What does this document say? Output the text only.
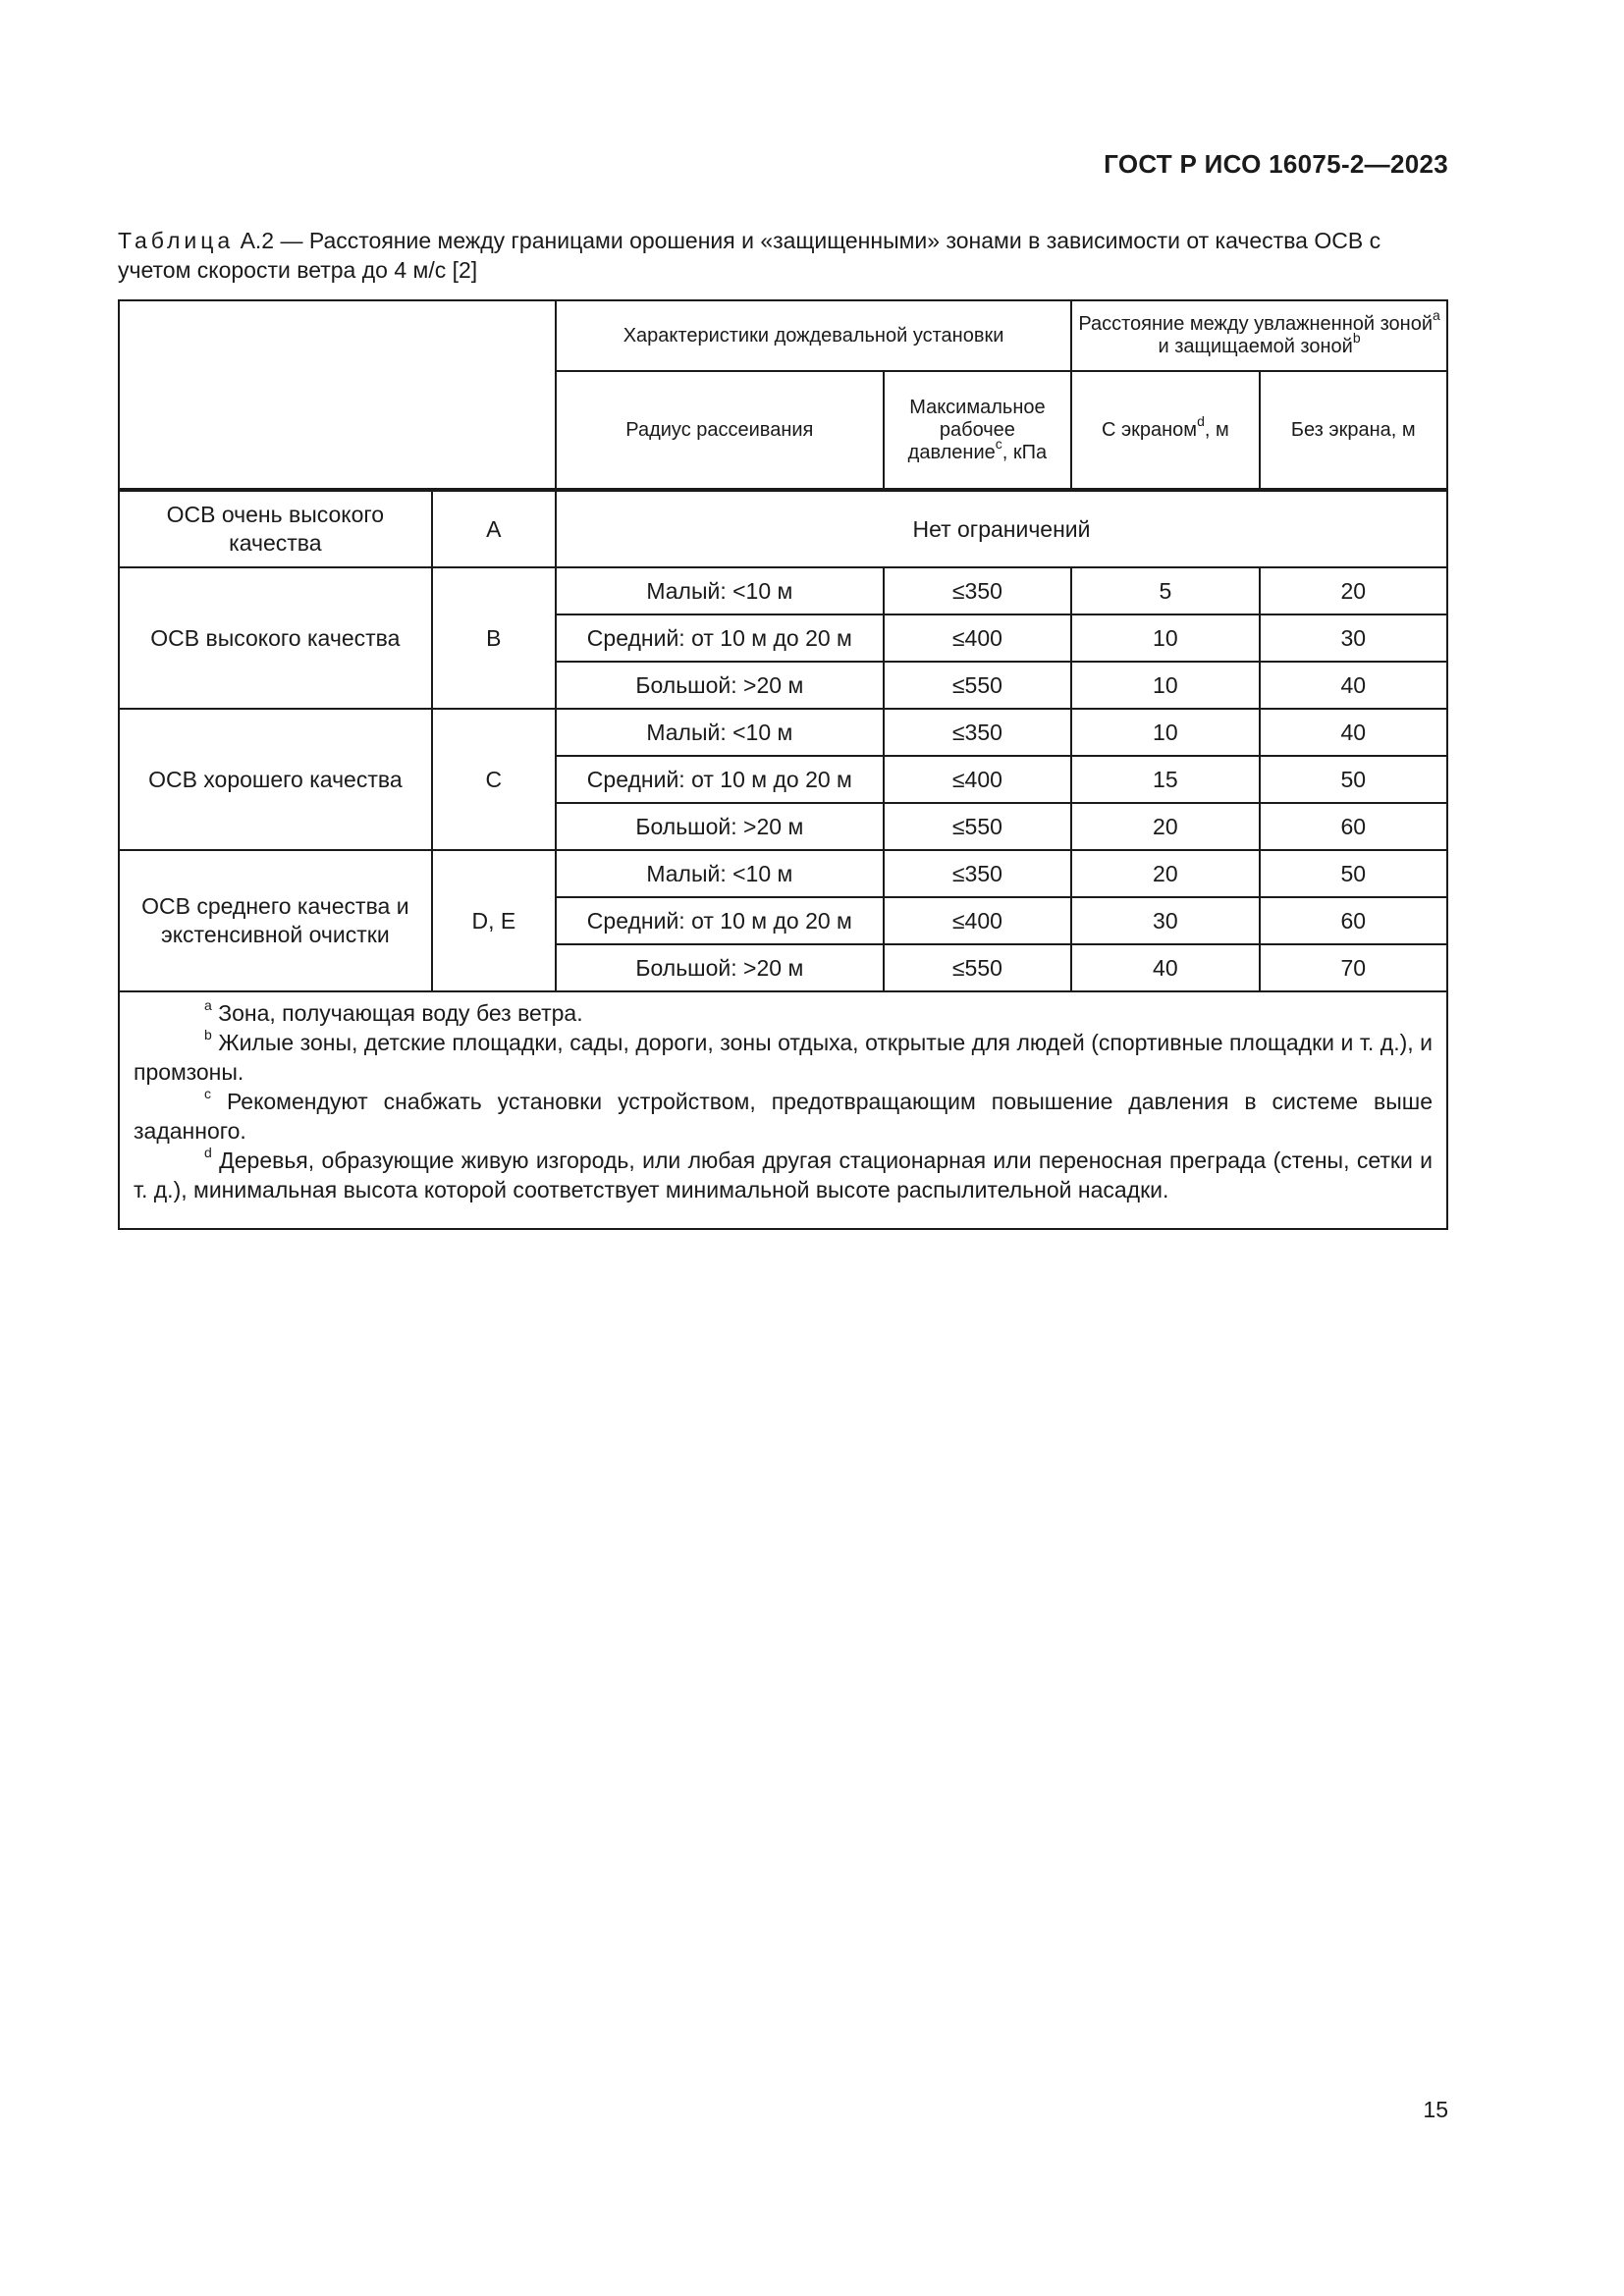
ГОСТ Р ИСО 16075-2—2023
Таблица А.2 — Расстояние между границами орошения и «защищенными» зонами в зависимости от качества ОСВ с учетом скорости ветра до 4 м/с [2]
		Характеристики дождевальной установки		Расстояние между увлажненной зоной$^a$ и защищаемой зоной$^b$
		Радиус рассеивания	Максимальное рабочее давление$^c$, кПа	С экраном$^d$, м	Без экрана, м
ОСВ очень высокого качества	A	Нет ограничений			
ОСВ высокого качества	B	Малый: <10 м	≤350	5	20
		Средний: от 10 м до 20 м	≤400	10	30
		Большой: >20 м	≤550	10	40
ОСВ хорошего качества	C	Малый: <10 м	≤350	10	40
		Средний: от 10 м до 20 м	≤400	15	50
		Большой: >20 м	≤550	20	60
ОСВ среднего качества и экстенсивной очистки	D, E	Малый: <10 м	≤350	20	50
		Средний: от 10 м до 20 м	≤400	30	60
		Большой: >20 м	≤550	40	70

$^a$ Зона, получающая воду без ветра.

$^b$ Жилые зоны, детские площадки, сады, дороги, зоны отдыха, открытые для людей (спортивные площадки и т. д.), и промзоны.

$^c$ Рекомендуют снабжать установки устройством, предотвращающим повышение давления в системе выше заданного.

$^d$ Деревья, образующие живую изгородь, или любая другая стационарная или переносная преграда (стены, сетки и т. д.), минимальная высота которой соответствует минимальной высоте распылительной насадки.					

15
